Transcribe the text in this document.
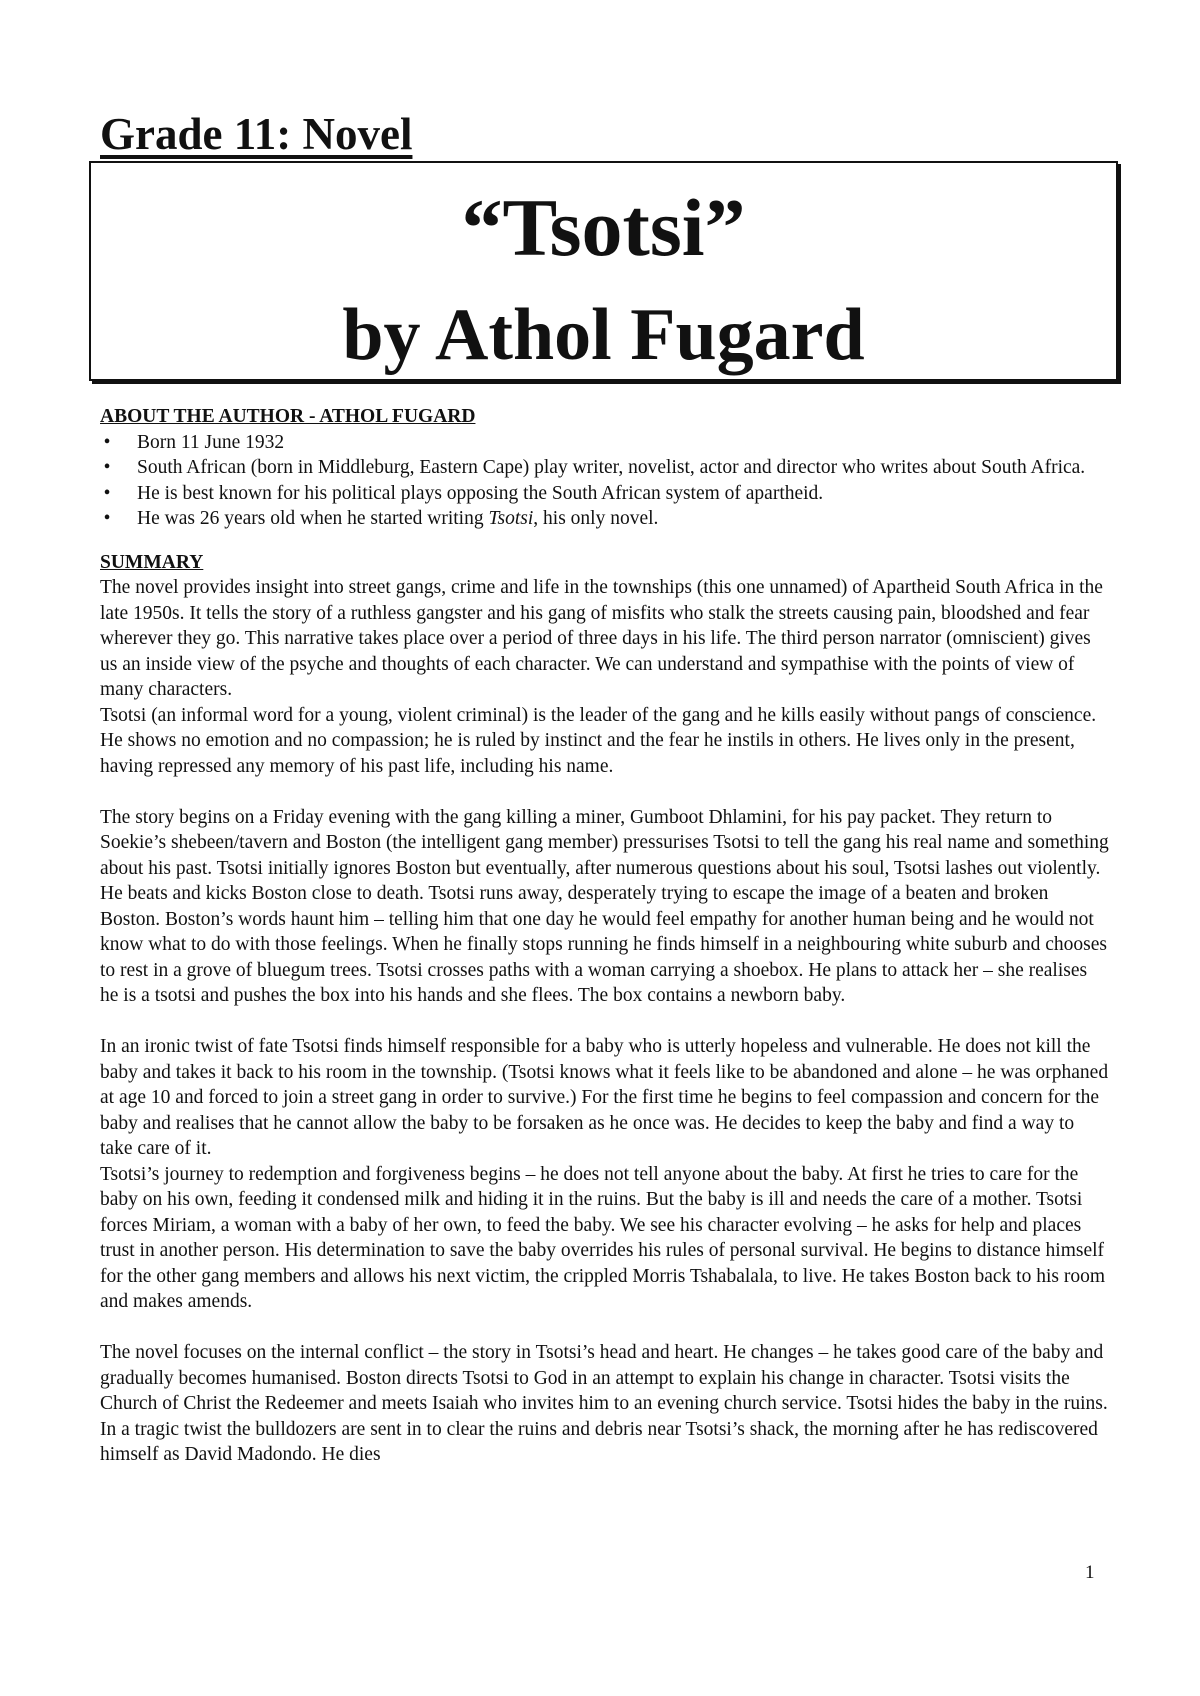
Grade 11: Novel
“Tsotsi”
by Athol Fugard

ABOUT THE AUTHOR - ATHOL FUGARD

• Born 11 June 1932
• South African (born in Middleburg, Eastern Cape) play writer, novelist, actor and director who writes about South Africa.
• He is best known for his political plays opposing the South African system of apartheid.
• He was 26 years old when he started writing Tsotsi, his only novel.

SUMMARY

The novel provides insight into street gangs, crime and life in the townships (this one unnamed) of Apartheid South Africa in the late 1950s. It tells the story of a ruthless gangster and his gang of misfits who stalk the streets causing pain, bloodshed and fear wherever they go. This narrative takes place over a period of three days in his life. The third person narrator (omniscient) gives us an inside view of the psyche and thoughts of each character. We can understand and sympathise with the points of view of many characters.

Tsotsi (an informal word for a young, violent criminal) is the leader of the gang and he kills easily without pangs of conscience. He shows no emotion and no compassion; he is ruled by instinct and the fear he instils in others. He lives only in the present, having repressed any memory of his past life, including his name.

The story begins on a Friday evening with the gang killing a miner, Gumboot Dhlamini, for his pay packet. They return to Soekie’s shebeen/tavern and Boston (the intelligent gang member) pressurises Tsotsi to tell the gang his real name and something about his past. Tsotsi initially ignores Boston but eventually, after numerous questions about his soul, Tsotsi lashes out violently. He beats and kicks Boston close to death. Tsotsi runs away, desperately trying to escape the image of a beaten and broken Boston. Boston’s words haunt him – telling him that one day he would feel empathy for another human being and he would not know what to do with those feelings. When he finally stops running he finds himself in a neighbouring white suburb and chooses to rest in a grove of bluegum trees. Tsotsi crosses paths with a woman carrying a shoebox. He plans to attack her – she realises he is a tsotsi and pushes the box into his hands and she flees. The box contains a newborn baby.

In an ironic twist of fate Tsotsi finds himself responsible for a baby who is utterly hopeless and vulnerable. He does not kill the baby and takes it back to his room in the township. (Tsotsi knows what it feels like to be abandoned and alone – he was orphaned at age 10 and forced to join a street gang in order to survive.) For the first time he begins to feel compassion and concern for the baby and realises that he cannot allow the baby to be forsaken as he once was. He decides to keep the baby and find a way to take care of it.

Tsotsi’s journey to redemption and forgiveness begins – he does not tell anyone about the baby. At first he tries to care for the baby on his own, feeding it condensed milk and hiding it in the ruins. But the baby is ill and needs the care of a mother. Tsotsi forces Miriam, a woman with a baby of her own, to feed the baby. We see his character evolving – he asks for help and places trust in another person. His determination to save the baby overrides his rules of personal survival. He begins to distance himself for the other gang members and allows his next victim, the crippled Morris Tshabalala, to live. He takes Boston back to his room and makes amends.

The novel focuses on the internal conflict – the story in Tsotsi’s head and heart. He changes – he takes good care of the baby and gradually becomes humanised. Boston directs Tsotsi to God in an attempt to explain his change in character. Tsotsi visits the Church of Christ the Redeemer and meets Isaiah who invites him to an evening church service. Tsotsi hides the baby in the ruins. In a tragic twist the bulldozers are sent in to clear the ruins and debris near Tsotsi’s shack, the morning after he has rediscovered himself as David Madondo. He dies

1
